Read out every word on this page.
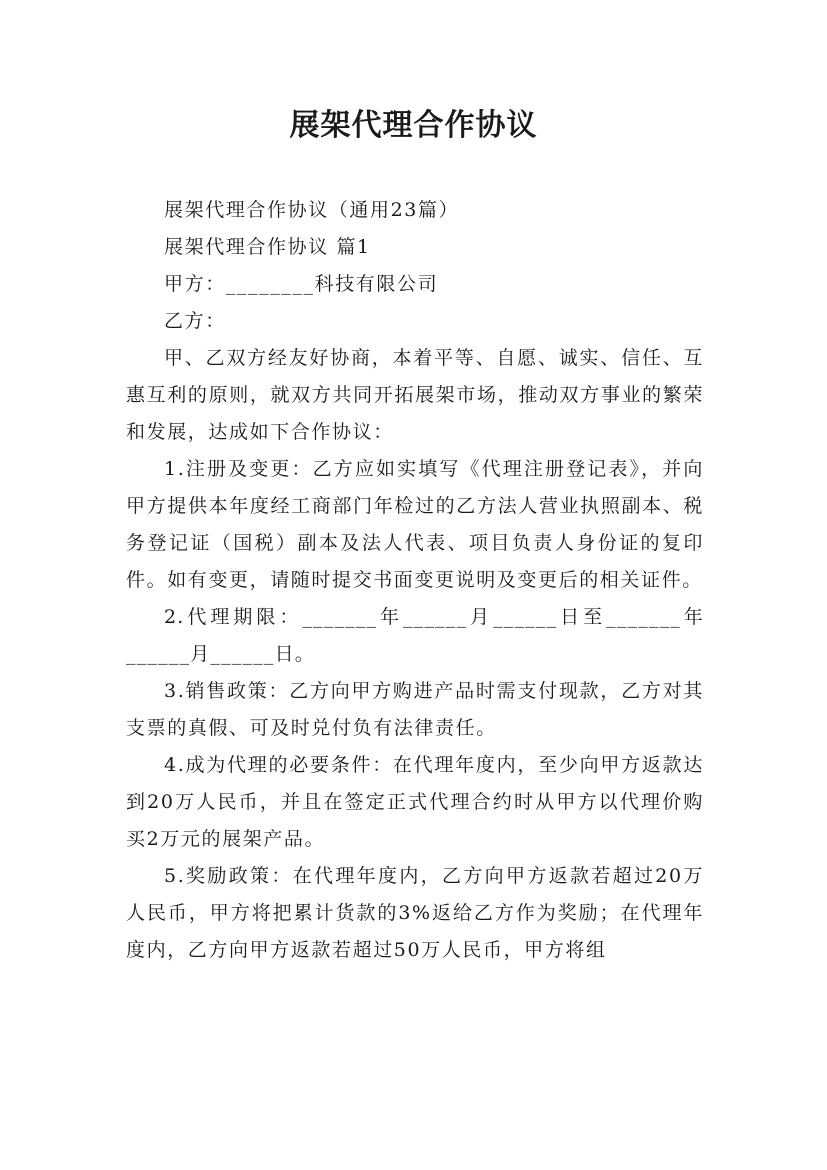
展架代理合作协议

展架代理合作协议（通用23篇）

展架代理合作协议 篇1

甲方：________科技有限公司

乙方：

甲、乙双方经友好协商，本着平等、自愿、诚实、信任、互惠互利的原则，就双方共同开拓展架市场，推动双方事业的繁荣和发展，达成如下合作协议：

1.注册及变更：乙方应如实填写《代理注册登记表》，并向甲方提供本年度经工商部门年检过的乙方法人营业执照副本、税务登记证（国税）副本及法人代表、项目负责人身份证的复印件。如有变更，请随时提交书面变更说明及变更后的相关证件。

2.代理期限：_______年______月______日至_______年______月______日。

3.销售政策：乙方向甲方购进产品时需支付现款，乙方对其支票的真假、可及时兑付负有法律责任。

4.成为代理的必要条件：在代理年度内，至少向甲方返款达到20万人民币，并且在签定正式代理合约时从甲方以代理价购买2万元的展架产品。

5.奖励政策：在代理年度内，乙方向甲方返款若超过20万人民币，甲方将把累计货款的3%返给乙方作为奖励；在代理年度内，乙方向甲方返款若超过50万人民币，甲方将组
